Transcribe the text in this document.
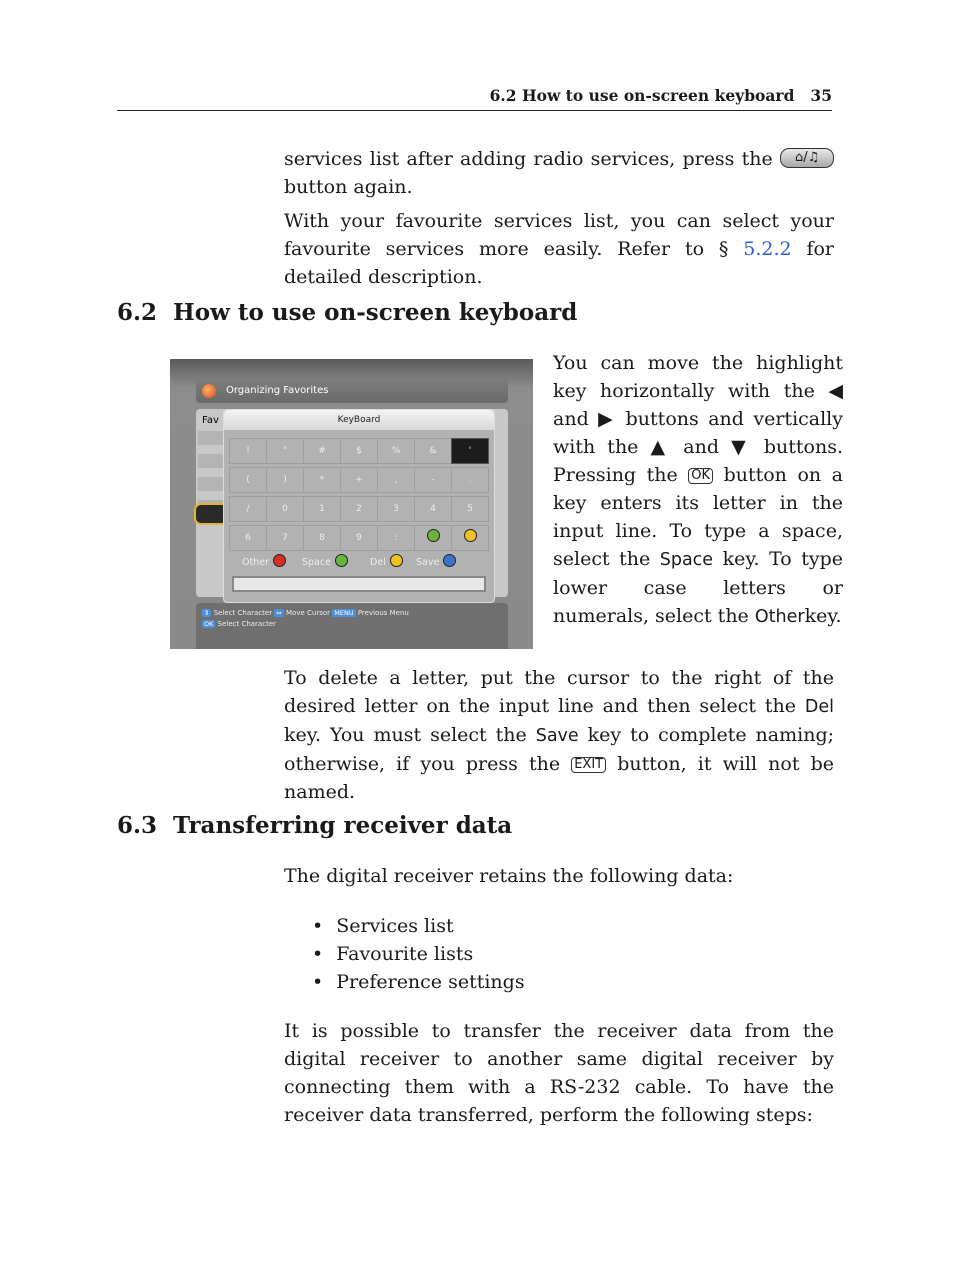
6.2 How to use on-screen keyboard 35

services list after adding radio services, press the ⌂/♫
button again.

With your favourite services list, you can select your favourite services more easily. Refer to § 5.2.2 for detailed description.

6.2 How to use on-screen keyboard
Organizing Favorites
Fav	KeyBoard
!	"	#	$	%	&	'
(	)	*	+	,	-	.
/	0	1	2	3	4	5
6	7	8	9	:
Other	Space	Del	Save
⇕ Select Character ⇔ Move Cursor MENU Previous Menu
OK Select Character

You can move the highlight key horizontally with the ◀ and ▶ buttons and vertically with the ▲ and ▼ buttons. Pressing the OK button on a key enters its letter in the input line. To type a space, select the Space key. To type lower case letters or numerals, select the Otherkey.

To delete a letter, put the cursor to the right of the desired letter on the input line and then select the Del key. You must select the Save key to complete naming; otherwise, if you press the EXIT button, it will not be named.

6.3 Transferring receiver data

The digital receiver retains the following data:

• Services list
• Favourite lists
• Preference settings

It is possible to transfer the receiver data from the digital receiver to another same digital receiver by connecting them with a RS-232 cable. To have the receiver data transferred, perform the following steps:
